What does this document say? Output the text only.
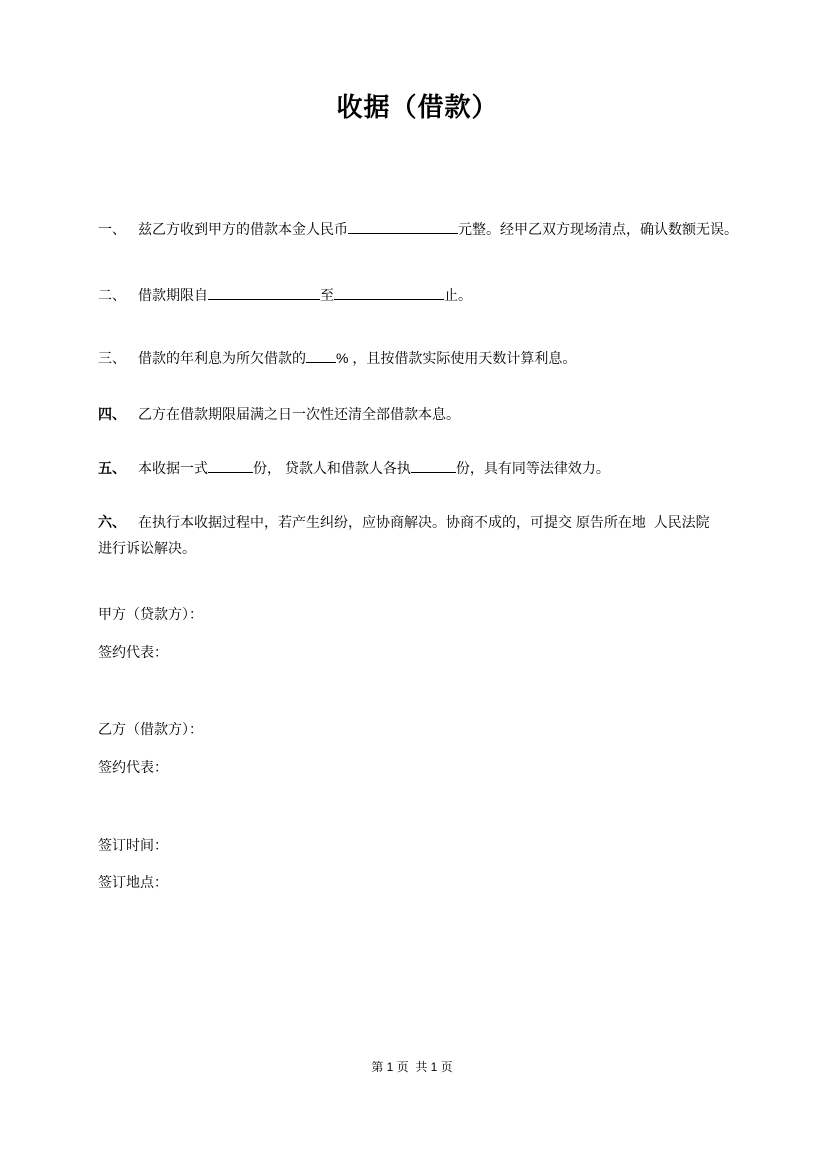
收据（借款）

一、 兹乙方收到甲方的借款本金人民币	元整。经甲乙双方现场清点，确认数额无误。

二、 借款期限自	至	止。

三、 借款的年利息为所欠借款的 % ，且按借款实际使用天数计算利息。

四、 乙方在借款期限届满之日一次性还清全部借款本息。

五、 本收据一式	份， 贷款人和借款人各执	份，具有同等法律效力。

六、 在执行本收据过程中，若产生纠纷，应协商解决。协商不成的，可提交 原告所在地  人民法院
进行诉讼解决。

甲方（贷款方）：

签约代表：

乙方（借款方）：

签约代表：

签订时间：

签订地点：

第 1 页  共 1 页
